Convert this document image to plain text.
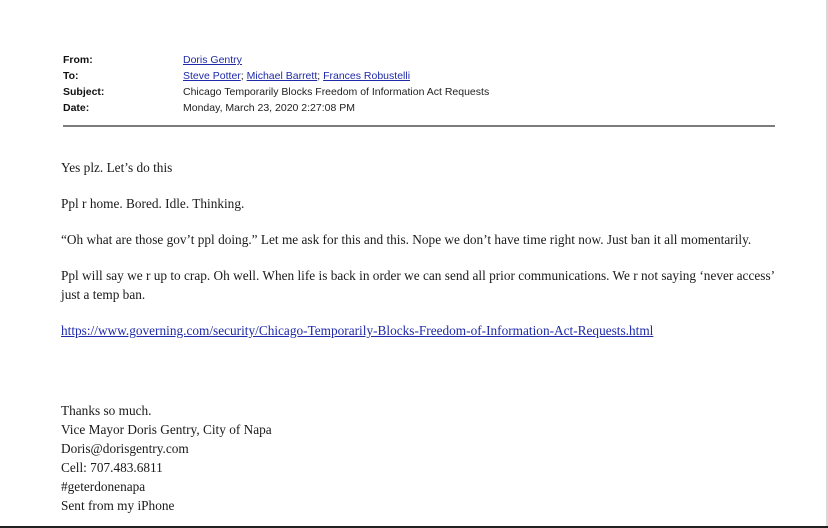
From:	Doris Gentry
To:	Steve Potter; Michael Barrett; Frances Robustelli
Subject:	Chicago Temporarily Blocks Freedom of Information Act Requests
Date:	Monday, March 23, 2020 2:27:08 PM

Yes plz. Let’s do this

Ppl r home. Bored. Idle. Thinking.

“Oh what are those gov’t ppl doing.” Let me ask for this and this. Nope we don’t have time right now. Just ban it all momentarily.

Ppl will say we r up to crap. Oh well. When life is back in order we can send all prior communications. We r not saying ‘never access’ just a temp ban.

https://www.governing.com/security/Chicago-Temporarily-Blocks-Freedom-of-Information-Act-Requests.html

Thanks so much.
Vice Mayor Doris Gentry, City of Napa
Doris@dorisgentry.com
Cell: 707.483.6811
#geterdonenapa
Sent from my iPhone
